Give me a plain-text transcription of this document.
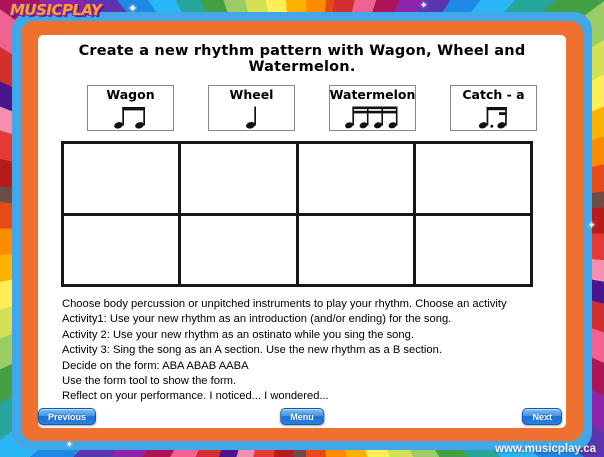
MUSICPLAY
✦
✦
✦
✦
Create a new rhythm pattern with Wagon, Wheel and Watermelon.
Wagon	Wheel	Watermelon	Catch - a
Choose body percussion or unpitched instruments to play your rhythm. Choose an activity
Activity1: Use your new rhythm as an introduction (and/or ending) for the song.
Activity 2: Use your new rhythm as an ostinato while you sing the song.
Activity 3: Sing the song as an A section. Use the new rhythm as a B section.
Decide on the form: ABA ABAB AABA
Use the form tool to show the form.
Reflect on your performance. I noticed... I wondered...
Previous	Menu	Next
www.musicplay.ca
